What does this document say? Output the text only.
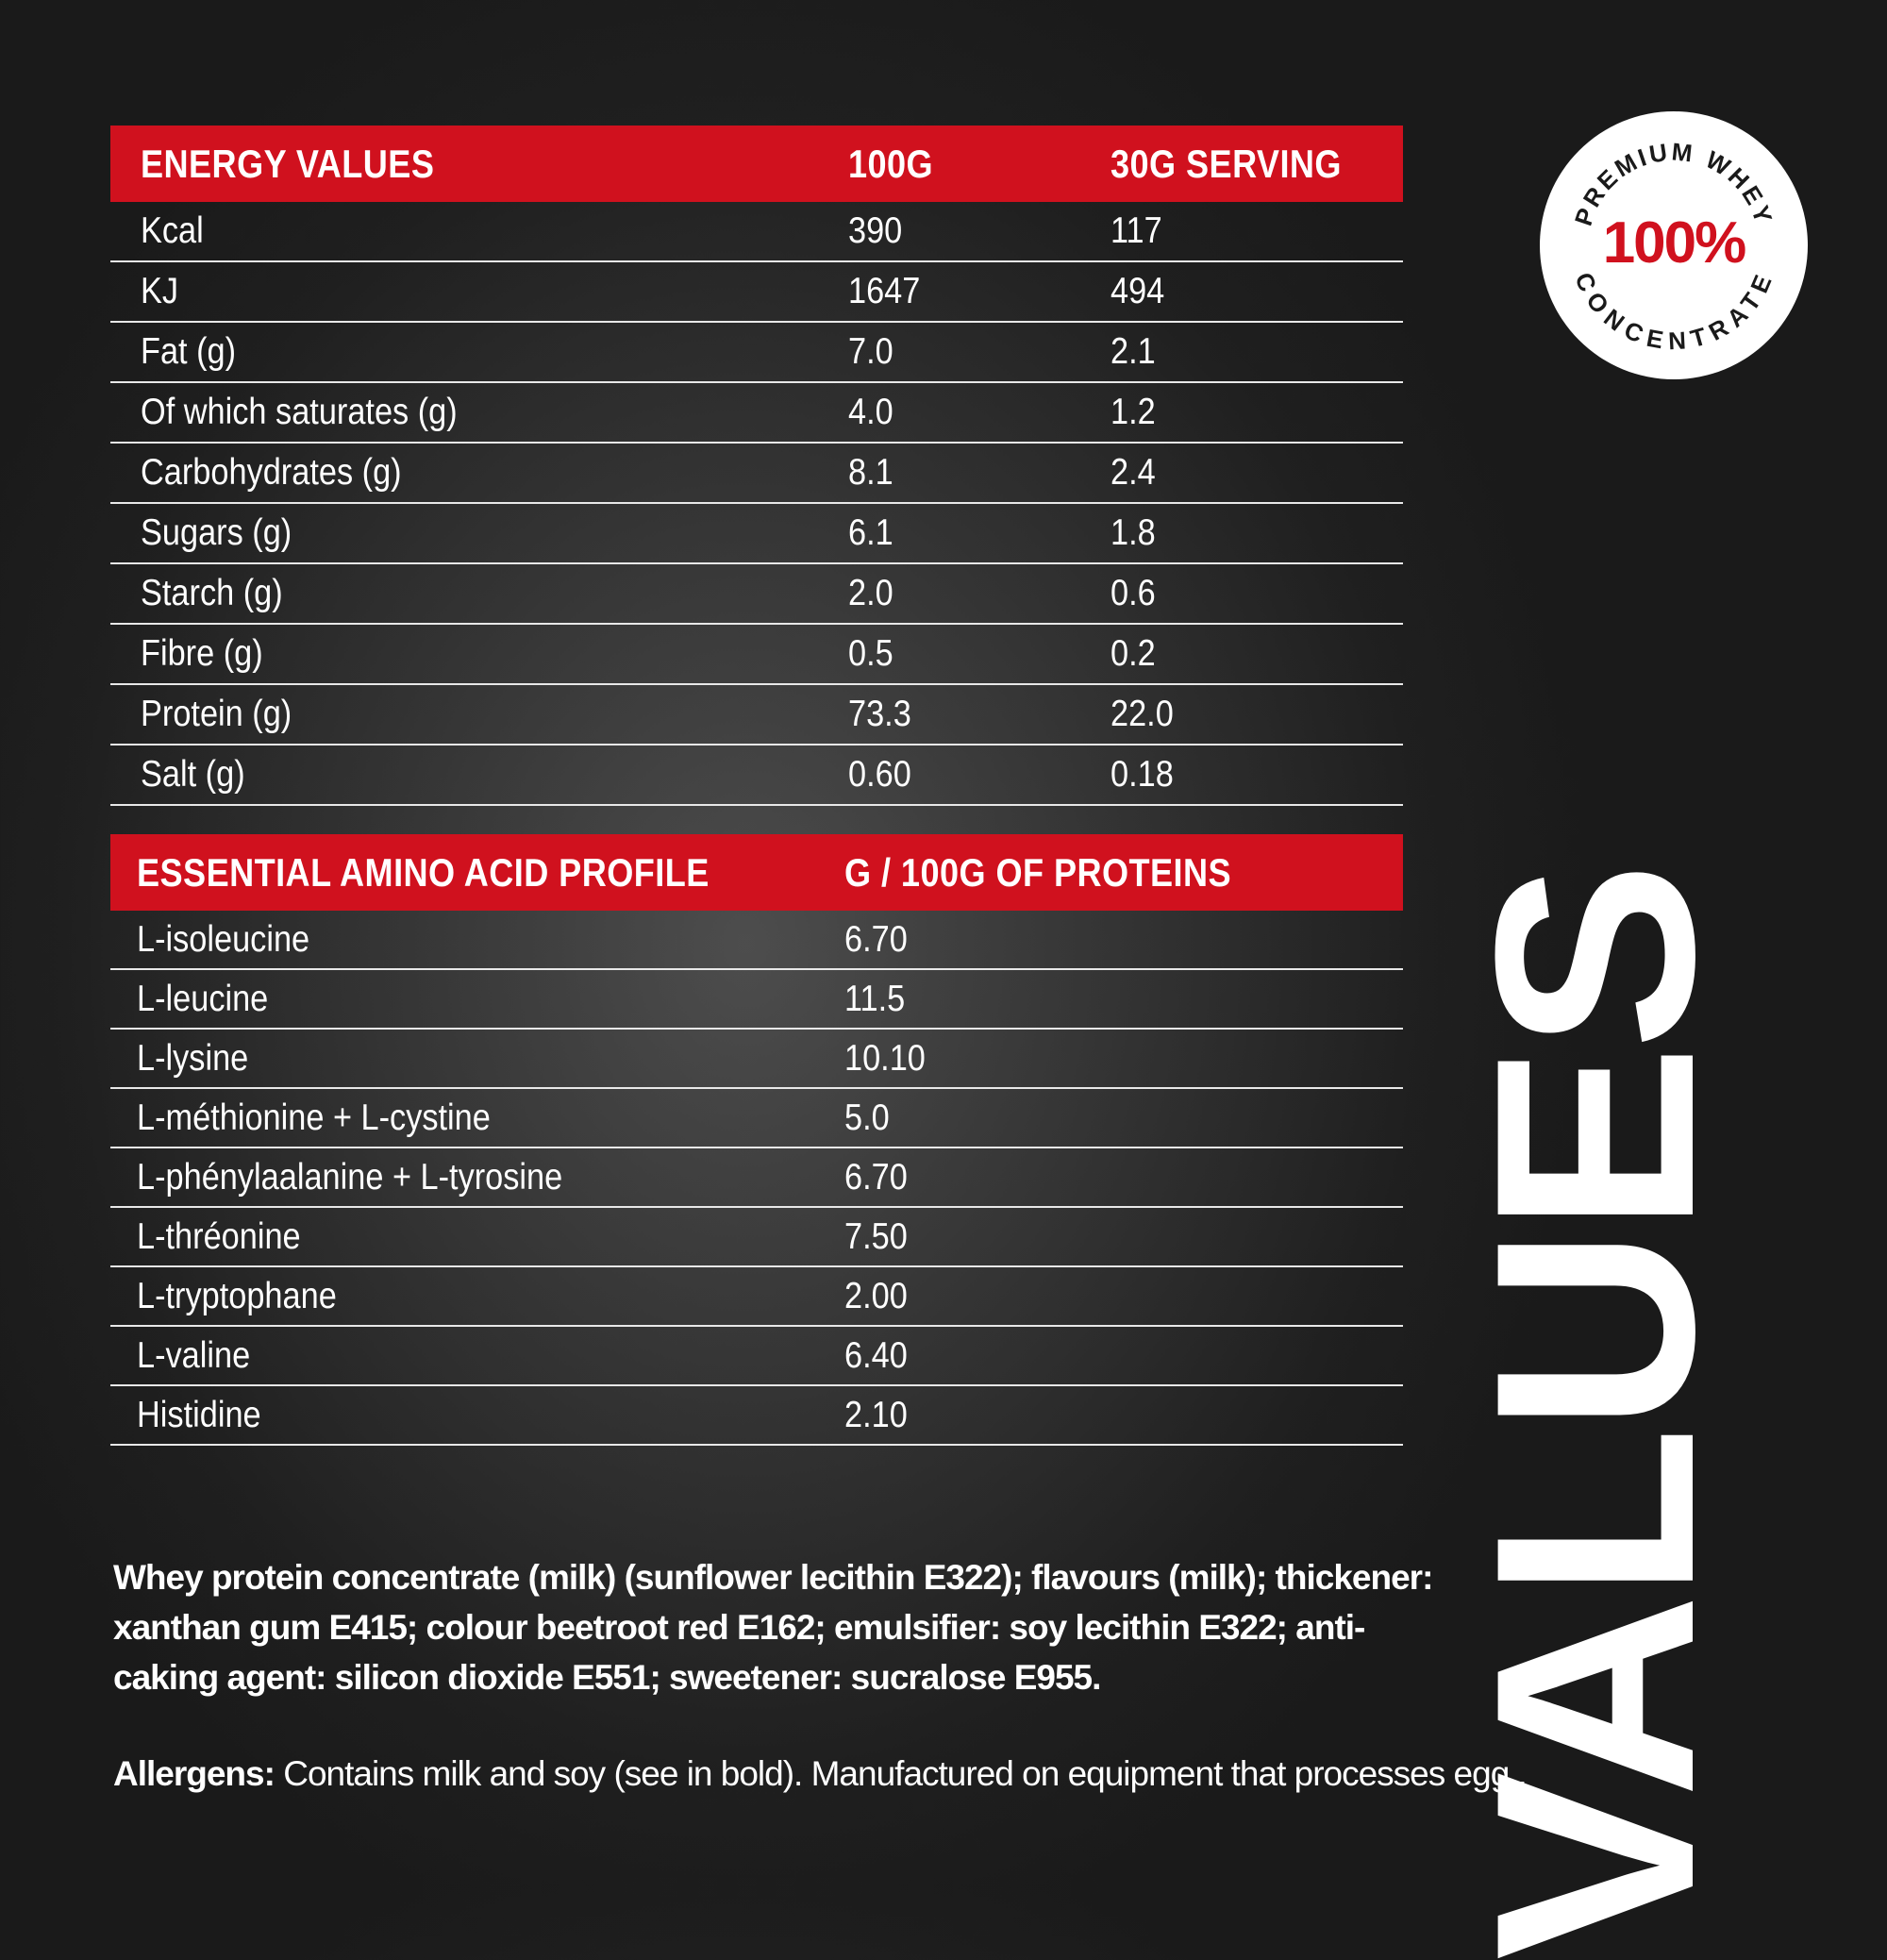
ENERGY VALUES	100G	30G SERVING
Kcal	390	117
KJ	1647	494
Fat (g)	7.0	2.1
Of which saturates (g)	4.0	1.2
Carbohydrates (g)	8.1	2.4
Sugars (g)	6.1	1.8
Starch (g)	2.0	0.6
Fibre (g)	0.5	0.2
Protein (g)	73.3	22.0
Salt (g)	0.60	0.18
ESSENTIAL AMINO ACID PROFILE	G / 100G OF PROTEINS
L-isoleucine	6.70
L-leucine	11.5
L-lysine	10.10
L-méthionine + L-cystine	5.0
L-phénylaalanine + L-tyrosine	6.70
L-thréonine	7.50
L-tryptophane	2.00
L-valine	6.40
Histidine	2.10
Whey protein concentrate (milk) (sunflower lecithin E322); flavours (milk); thickener: xanthan gum E415; colour beetroot red E162; emulsifier: soy lecithin E322; anti-caking agent: silicon dioxide E551; sweetener: sucralose E955.
Allergens: Contains milk and soy (see in bold). Manufactured on equipment that processes egg .
PREMIUM WHEY
100%
CONCENTRATE
VALUES
